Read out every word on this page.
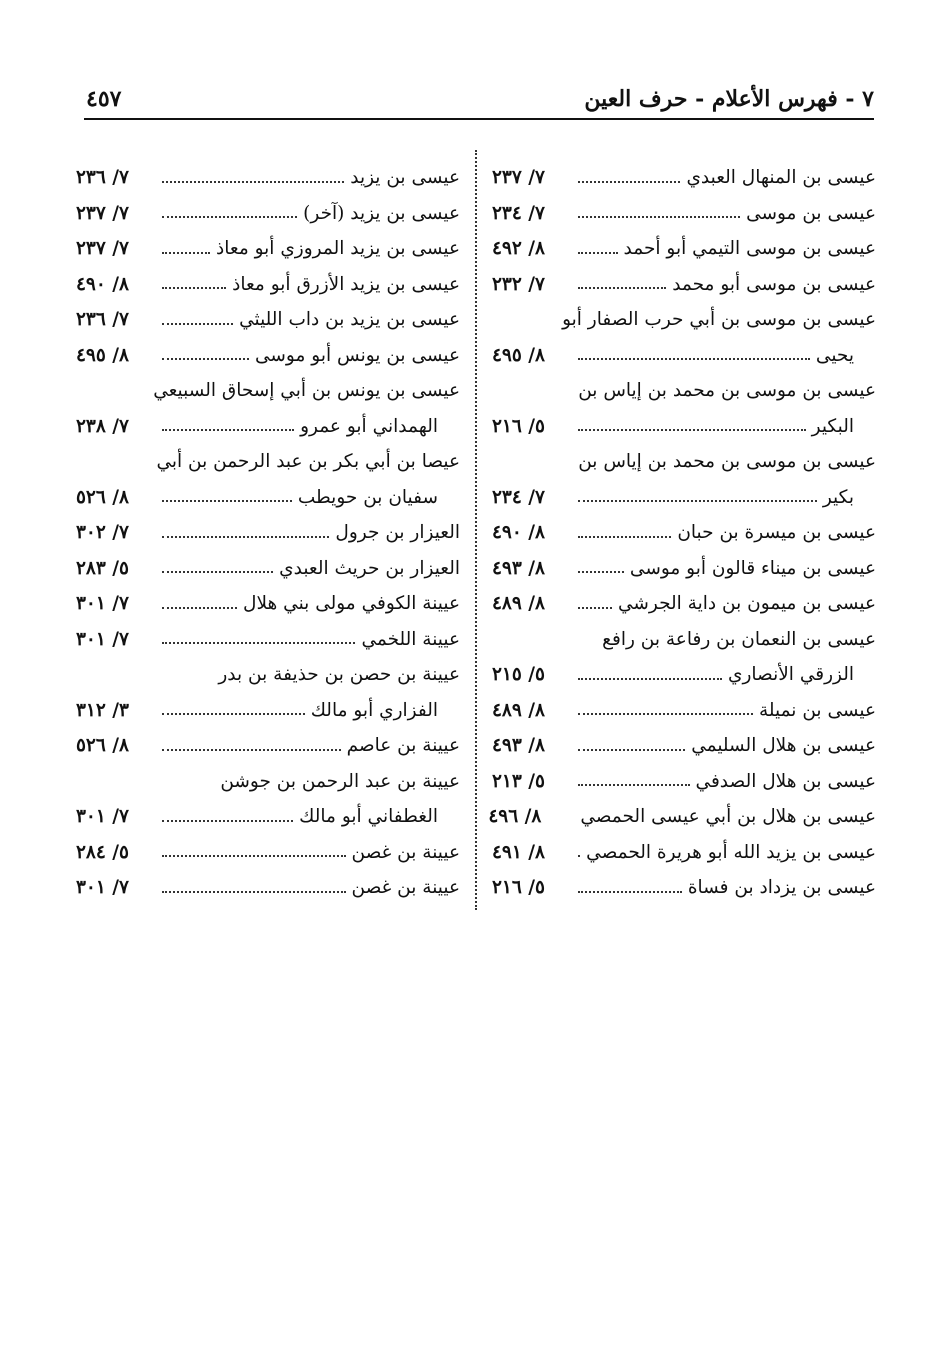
٧ - فهرس الأعلام - حرف العين
٤٥٧
عيسى بن المنهال العبدي
٧/ ٢٣٧
عيسى بن موسى
٧/ ٢٣٤
عيسى بن موسى التيمي أبو أحمد
٨/ ٤٩٢
عيسى بن موسى أبو محمد
٧/ ٢٣٢
عيسى بن موسى بن أبي حرب الصفار أبو
يحيى
٨/ ٤٩٥
عيسى بن موسى بن محمد بن إياس بن
البكير
٥/ ٢١٦
عيسى بن موسى بن محمد بن إياس بن
بكير
٧/ ٢٣٤
عيسى بن ميسرة بن حبان
٨/ ٤٩٠
عيسى بن ميناء قالون أبو موسى
٨/ ٤٩٣
عيسى بن ميمون بن داية الجرشي
٨/ ٤٨٩
عيسى بن النعمان بن رفاعة بن رافع
الزرقي الأنصاري
٥/ ٢١٥
عيسى بن نميلة
٨/ ٤٨٩
عيسى بن هلال السليمي
٨/ ٤٩٣
عيسى بن هلال الصدفي
٥/ ٢١٣
عيسى بن هلال بن أبي عيسى الحمصي
٨/ ٤٩٦
عيسى بن يزيد الله أبو هريرة الحمصي
٨/ ٤٩١
عيسى بن يزداد بن فساة
٥/ ٢١٦
عيسى بن يزيد
٧/ ٢٣٦
عيسى بن يزيد (آخر)
٧/ ٢٣٧
عيسى بن يزيد المروزي أبو معاذ
٧/ ٢٣٧
عيسى بن يزيد الأزرق أبو معاذ
٨/ ٤٩٠
عيسى بن يزيد بن داب الليثي
٧/ ٢٣٦
عيسى بن يونس أبو موسى
٨/ ٤٩٥
عيسى بن يونس بن أبي إسحاق السبيعي
الهمداني أبو عمرو
٧/ ٢٣٨
عيصا بن أبي بكر بن عبد الرحمن بن أبي
سفيان بن حويطب
٨/ ٥٢٦
العيزار بن جرول
٧/ ٣٠٢
العيزار بن حريث العبدي
٥/ ٢٨٣
عيينة الكوفي مولى بني هلال
٧/ ٣٠١
عيينة اللخمي
٧/ ٣٠١
عيينة بن حصن بن حذيفة بن بدر
الفزاري أبو مالك
٣/ ٣١٢
عيينة بن عاصم
٨/ ٥٢٦
عيينة بن عبد الرحمن بن جوشن
الغطفاني أبو مالك
٧/ ٣٠١
عيينة بن غصن
٥/ ٢٨٤
عيينة بن غصن
٧/ ٣٠١
